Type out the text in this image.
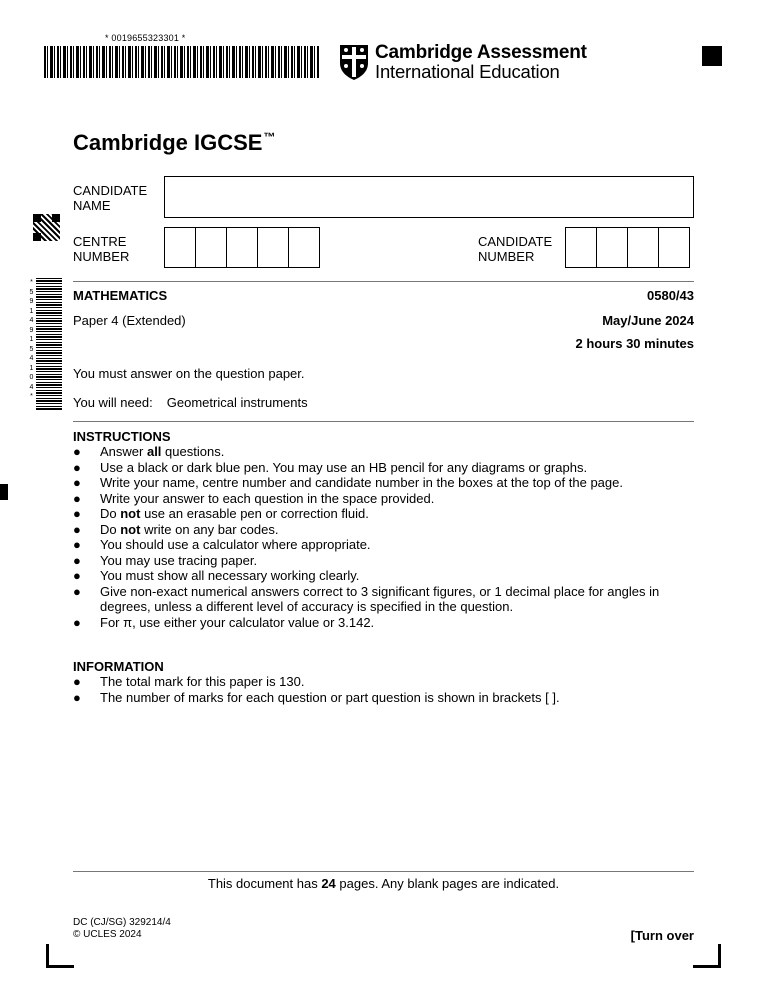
* 0019655323301 *
Cambridge Assessment
International Education
*
5
9
1
4
9
1
5
4
1
0
4
*
Cambridge IGCSE™
CANDIDATE
NAME
CENTRE
NUMBER
CANDIDATE
NUMBER
MATHEMATICS	0580/43
Paper 4 (Extended)	May/June 2024
2 hours 30 minutes
You must answer on the question paper.
You will need: Geometrical instruments
INSTRUCTIONS
● Answer all questions.
● Use a black or dark blue pen. You may use an HB pencil for any diagrams or graphs.
● Write your name, centre number and candidate number in the boxes at the top of the page.
● Write your answer to each question in the space provided.
● Do not use an erasable pen or correction fluid.
● Do not write on any bar codes.
● You should use a calculator where appropriate.
● You may use tracing paper.
● You must show all necessary working clearly.
● Give non-exact numerical answers correct to 3 significant figures, or 1 decimal place for angles in degrees, unless a different level of accuracy is specified in the question.
● For π, use either your calculator value or 3.142.
INFORMATION
● The total mark for this paper is 130.
● The number of marks for each question or part question is shown in brackets [ ].
This document has 24 pages. Any blank pages are indicated.
DC (CJ/SG) 329214/4
© UCLES 2024	[Turn over
